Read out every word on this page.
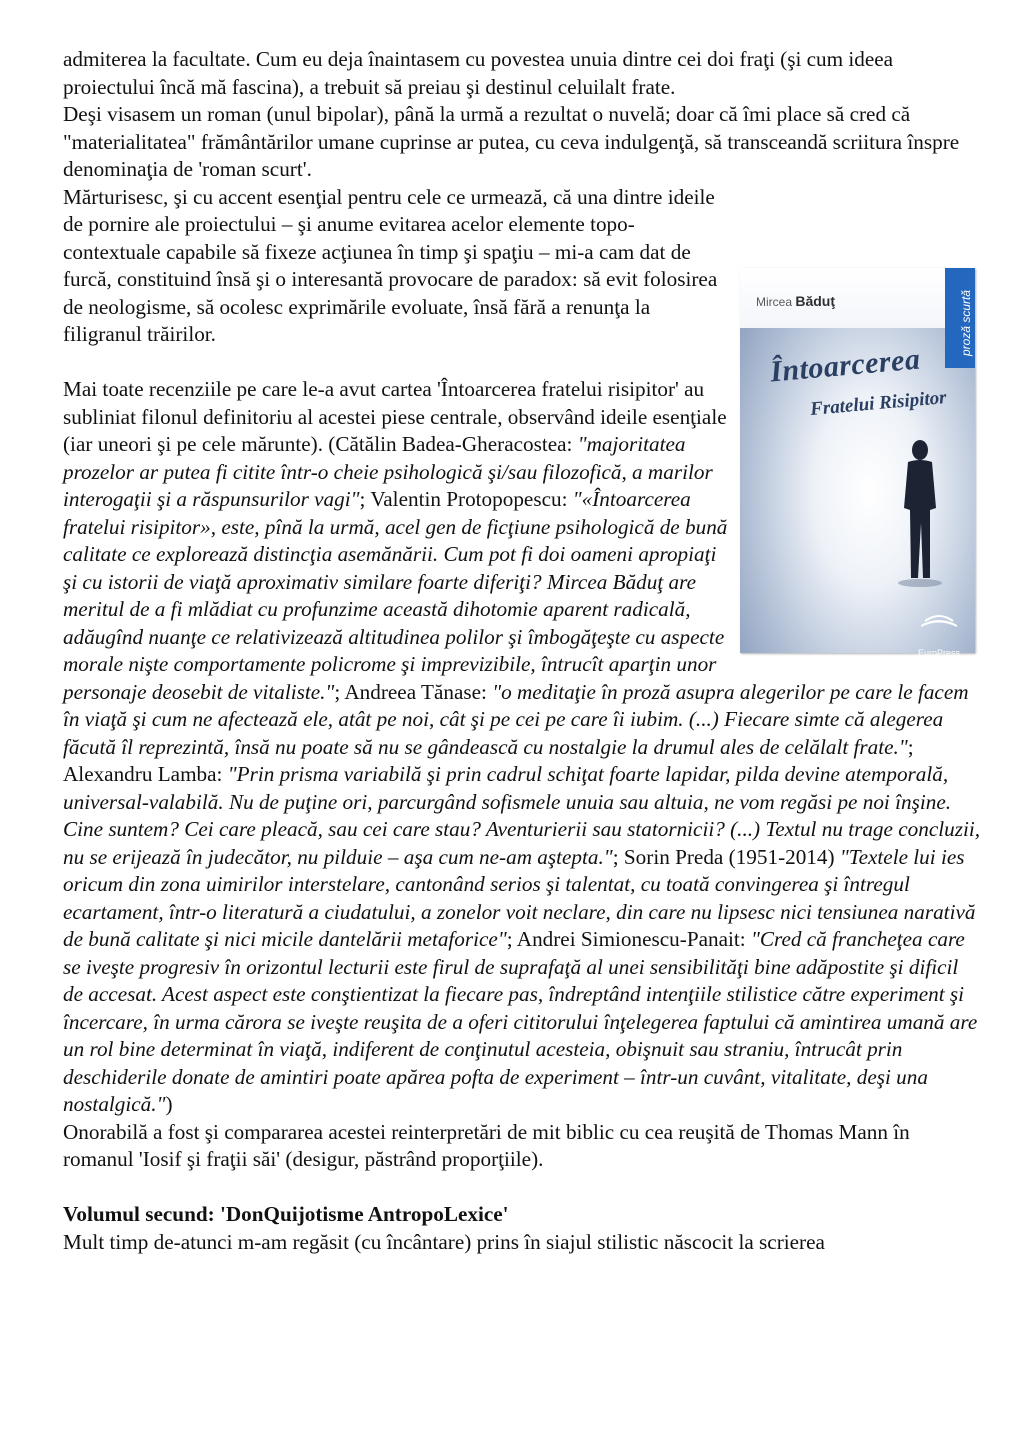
admiterea la facultate. Cum eu deja înaintasem cu povestea unuia dintre cei doi fraţi (şi cum ideea proiectului încă mă fascina), a trebuit să preiau şi destinul celuilalt frate.

Deşi visasem un roman (unul bipolar), până la urmă a rezultat o nuvelă; doar că îmi place să cred că "materialitatea" frământărilor umane cuprinse ar putea, cu ceva indulgenţă, să transceandă scriitura înspre denominaţia de 'roman scurt'.

Mircea Băduţ	proză scurtă
Întoarcerea
Fratelui Risipitor
EuroPress

Mărturisesc, şi cu accent esenţial pentru cele ce urmează, că una dintre ideile de pornire ale proiectului – şi anume evitarea acelor elemente topo-contextuale capabile să fixeze acţiunea în timp şi spaţiu – mi-a cam dat de furcă, constituind însă şi o interesantă provocare de paradox: să evit folosirea de neologisme, să ocolesc exprimările evoluate, însă fără a renunţa la filigranul trăirilor.

Mai toate recenziile pe care le-a avut cartea 'Întoarcerea fratelui risipitor' au subliniat filonul definitoriu al acestei piese centrale, observând ideile esenţiale (iar uneori şi pe cele mărunte). (Cătălin Badea-Gheracostea: "majoritatea prozelor ar putea fi citite într-o cheie psihologică şi/sau filozofică, a marilor interogaţii şi a răspunsurilor vagi"; Valentin Protopopescu: "«Întoarcerea fratelui risipitor», este, pînă la urmă, acel gen de ficţiune psihologică de bună calitate ce explorează distincţia asemănării. Cum pot fi doi oameni apropiaţi şi cu istorii de viaţă aproximativ similare foarte diferiţi? Mircea Băduţ are meritul de a fi mlădiat cu profunzime această dihotomie aparent radicală, adăugînd nuanţe ce relativizează altitudinea polilor şi îmbogăţeşte cu aspecte morale nişte comportamente policrome şi imprevizibile, întrucît aparţin unor personaje deosebit de vitaliste."; Andreea Tănase: "o meditaţie în proză asupra alegerilor pe care le facem în viaţă şi cum ne afectează ele, atât pe noi, cât şi pe cei pe care îi iubim. (...) Fiecare simte că alegerea făcută îl reprezintă, însă nu poate să nu se gândească cu nostalgie la drumul ales de celălalt frate."; Alexandru Lamba: "Prin prisma variabilă şi prin cadrul schiţat foarte lapidar, pilda devine atemporală, universal-valabilă. Nu de puţine ori, parcurgând sofismele unuia sau altuia, ne vom regăsi pe noi înşine. Cine suntem? Cei care pleacă, sau cei care stau? Aventurierii sau statornicii? (...) Textul nu trage concluzii, nu se erijează în judecător, nu pilduie – aşa cum ne-am aştepta."; Sorin Preda (1951-2014) "Textele lui ies oricum din zona uimirilor interstelare, cantonând serios şi talentat, cu toată convingerea şi întregul ecartament, într-o literatură a ciudatului, a zonelor voit neclare, din care nu lipsesc nici tensiunea narativă de bună calitate şi nici micile dantelării metaforice"; Andrei Simionescu-Panait: "Cred că francheţea care se iveşte progresiv în orizontul lecturii este firul de suprafaţă al unei sensibilităţi bine adăpostite şi dificil de accesat. Acest aspect este conştientizat la fiecare pas, îndreptând intenţiile stilistice către experiment şi încercare, în urma cărora se iveşte reuşita de a oferi cititorului înţelegerea faptului că amintirea umană are un rol bine determinat în viaţă, indiferent de conţinutul acesteia, obişnuit sau straniu, întrucât prin deschiderile donate de amintiri poate apărea pofta de experiment – într-un cuvânt, vitalitate, deşi una nostalgică.")

Onorabilă a fost şi compararea acestei reinterpretări de mit biblic cu cea reuşită de Thomas Mann în romanul 'Iosif şi fraţii săi' (desigur, păstrând proporţiile).

Volumul secund: 'DonQuijotisme AntropoLexice'

Mult timp de-atunci m-am regăsit (cu încântare) prins în siajul stilistic născocit la scrierea
